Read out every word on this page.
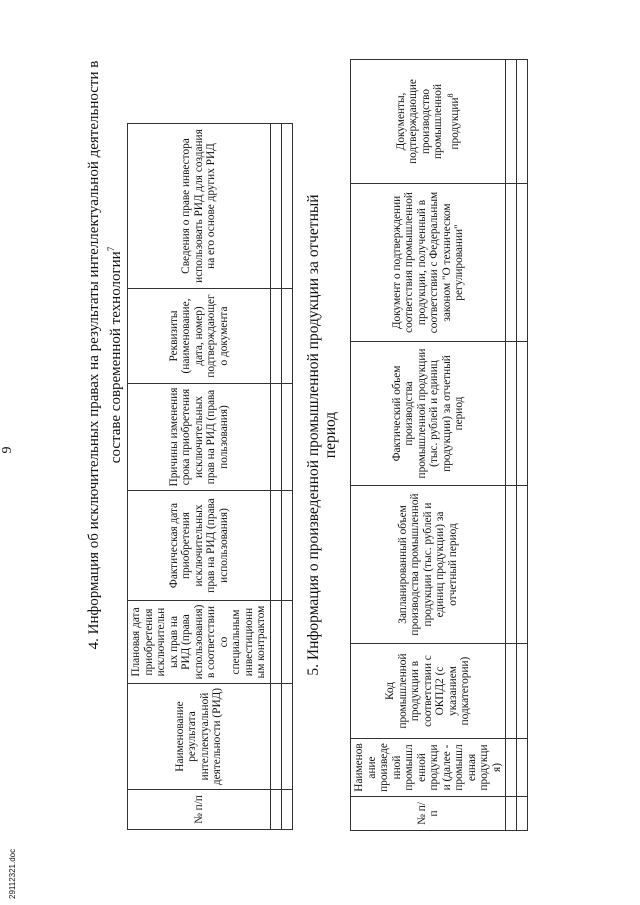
9	4. Информация об исключительных правах на результаты интеллектуальной деятельности в составе современной технологии$^7$
№ п/п	Наименование результата интеллектуальной деятельности (РИД)	Плановая дата приобретения исключительных прав на РИД (права использования) в соответствии со специальным инвестиционным контрактом	Фактическая дата приобретения исключительных прав на РИД (права использования)	Причины изменения срока приобретения исключительных прав на РИД (права пользования)	Реквизиты (наименование, дата, номер) подтверждающего документа	Сведения о праве инвестора использовать РИД для создания на его основе других РИД

							5. Информация о произведенной промышленной продукции за отчетный период
№ п/п	Наименование произведенной промышленной продукции (далее - промышленная продукция)	Код промышленной продукции в соответствии с ОКПД2 (с указанием подкатегории)	Запланированный объем производства промышленной продукции (тыс. рублей и единиц продукции) за отчетный период	Фактический объем производства промышленной продукции (тыс. рублей и единиц продукции) за отчетный период	Документ о подтверждении соответствия промышленной продукции, полученный в соответствии с Федеральным законом "О техническом регулировании"	Документы, подтверждающие производство промышленной продукции$^8$

29112321.doc
